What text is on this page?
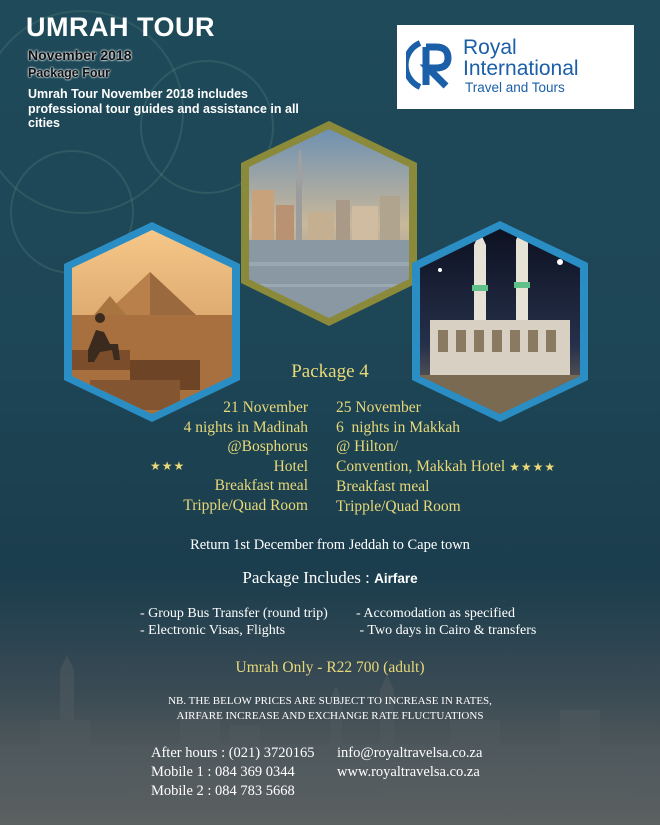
UMRAH TOUR
November 2018
Package Four
Umrah Tour November 2018 includes professional tour guides and assistance in all cities
Royal
International
Travel and Tours
Package 4
21 November
4 nights in Madinah
@Bosphorus
★★★	Hotel
Breakfast meal
Tripple/Quad Room
25 November
6  nights in Makkah
@ Hilton/
Convention, Makkah Hotel ★★★★
Breakfast meal
Tripple/Quad Room
Return 1st December from Jeddah to Cape town
Package Includes : Airfare
- Group Bus Transfer (round trip)
- Electronic Visas, Flights
- Accomodation as specified
- Two days in Cairo & transfers
Umrah Only - R22 700 (adult)
NB. THE BELOW PRICES ARE SUBJECT TO INCREASE IN RATES,
AIRFARE INCREASE AND EXCHANGE RATE FLUCTUATIONS
After hours : (021) 3720165
Mobile 1 : 084 369 0344
Mobile 2 : 084 783 5668
info@royaltravelsa.co.za
www.royaltravelsa.co.za
